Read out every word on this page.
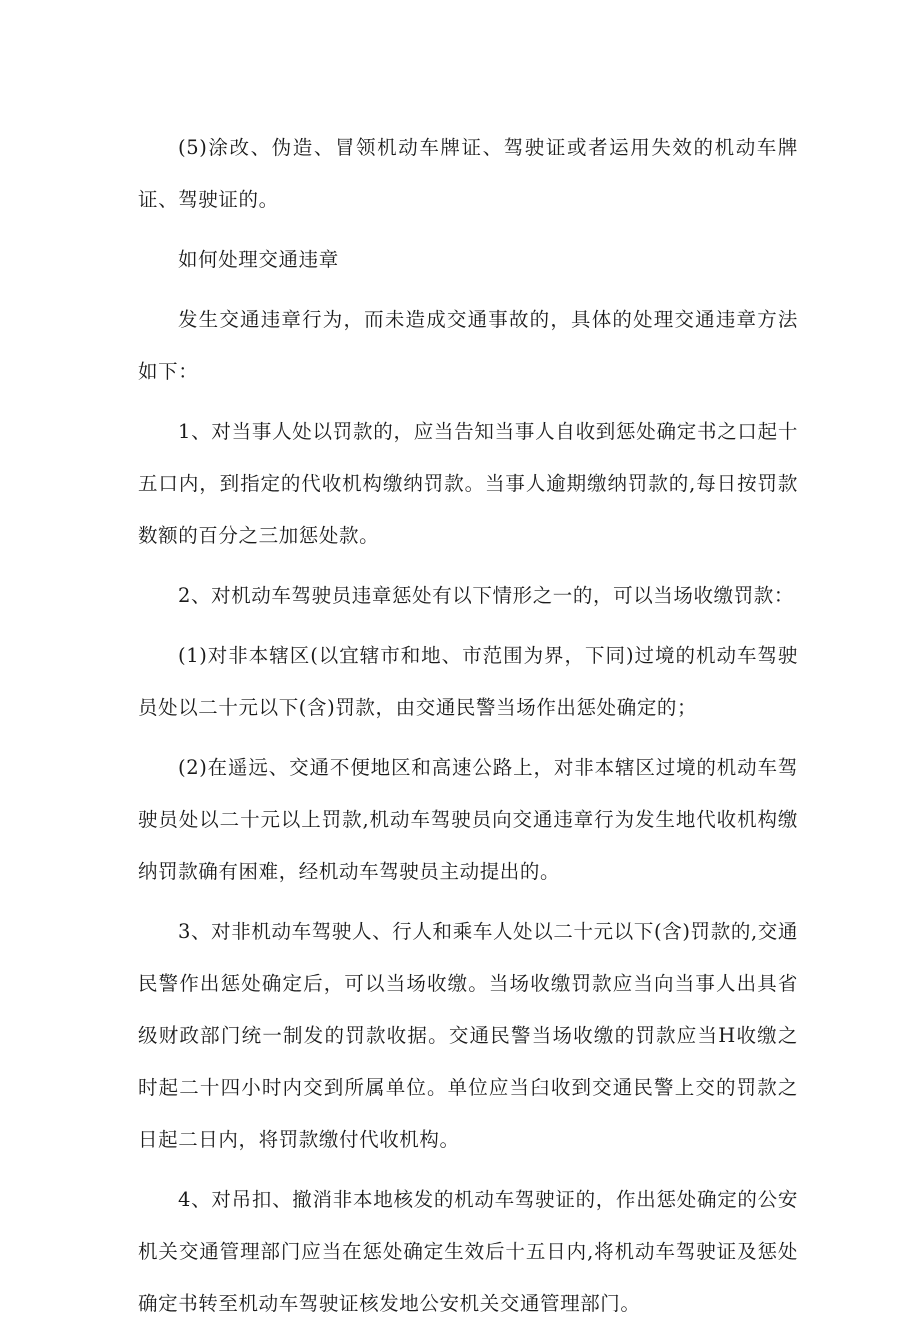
(5)涂改、伪造、冒领机动车牌证、驾驶证或者运用失效的机动车牌证、驾驶证的。

如何处理交通违章

发生交通违章行为，而未造成交通事故的，具体的处理交通违章方法如下：

1、对当事人处以罚款的，应当告知当事人自收到惩处确定书之口起十五口内，到指定的代收机构缴纳罚款。当事人逾期缴纳罚款的,每日按罚款数额的百分之三加惩处款。

2、对机动车驾驶员违章惩处有以下情形之一的，可以当场收缴罚款：

(1)对非本辖区(以宜辖市和地、市范围为界，下同)过境的机动车驾驶员处以二十元以下(含)罚款，由交通民警当场作出惩处确定的；

(2)在遥远、交通不便地区和高速公路上，对非本辖区过境的机动车驾驶员处以二十元以上罚款,机动车驾驶员向交通违章行为发生地代收机构缴纳罚款确有困难，经机动车驾驶员主动提出的。

3、对非机动车驾驶人、行人和乘车人处以二十元以下(含)罚款的,交通民警作出惩处确定后，可以当场收缴。当场收缴罚款应当向当事人出具省级财政部门统一制发的罚款收据。交通民警当场收缴的罚款应当H收缴之时起二十四小时内交到所属单位。单位应当臼收到交通民警上交的罚款之日起二日内，将罚款缴付代收机构。

4、对吊扣、撤消非本地核发的机动车驾驶证的，作出惩处确定的公安机关交通管理部门应当在惩处确定生效后十五日内,将机动车驾驶证及惩处确定书转至机动车驾驶证核发地公安机关交通管理部门。
